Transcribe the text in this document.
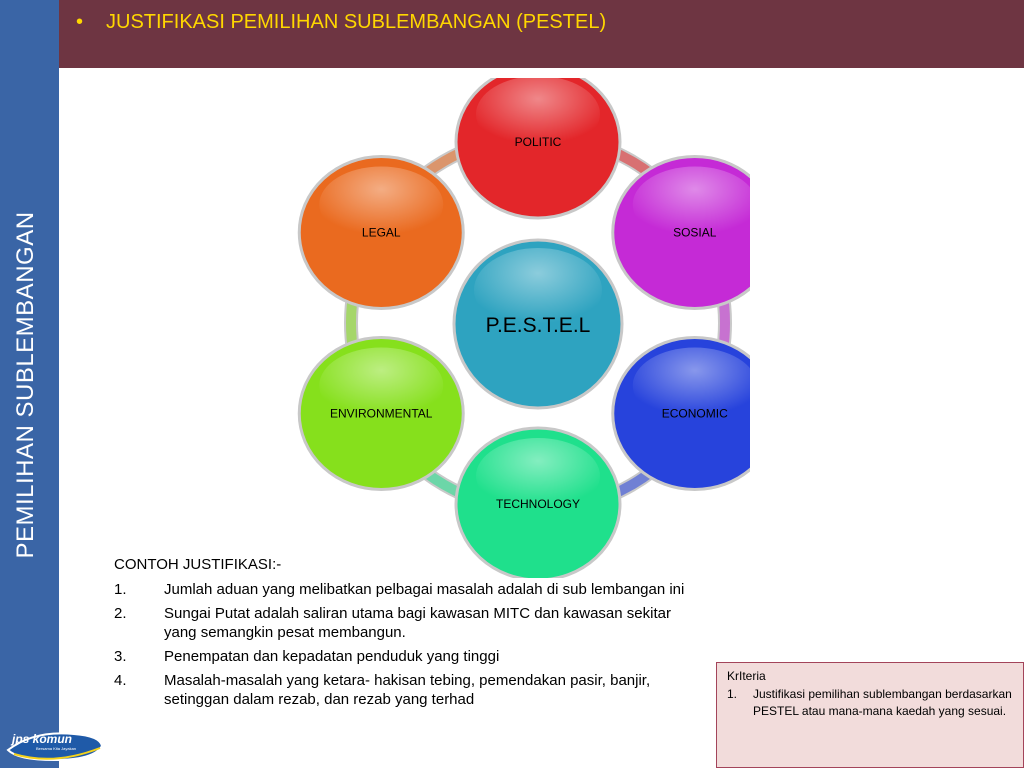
PEMILIHAN SUBLEMBANGAN
jps komun
Bersama Kita Jayakan
• JUSTIFIKASI PEMILIHAN SUBLEMBANGAN (PESTEL)
POLITIC
SOSIAL
ECONOMIC
TECHNOLOGY
ENVIRONMENTAL
LEGAL
P.E.S.T.E.L
CONTOH JUSTIFIKASI:-
1. Jumlah aduan yang melibatkan pelbagai masalah adalah di sub lembangan ini
2. Sungai Putat adalah saliran utama bagi kawasan MITC dan kawasan sekitar yang semangkin pesat membangun.
3. Penempatan dan kepadatan penduduk yang tinggi
4. Masalah-masalah yang ketara- hakisan tebing, pemendakan pasir, banjir, setinggan dalam rezab, dan rezab yang terhad
KrIteria
1. Justifikasi pemilihan sublembangan berdasarkan PESTEL atau mana-mana kaedah yang sesuai.
